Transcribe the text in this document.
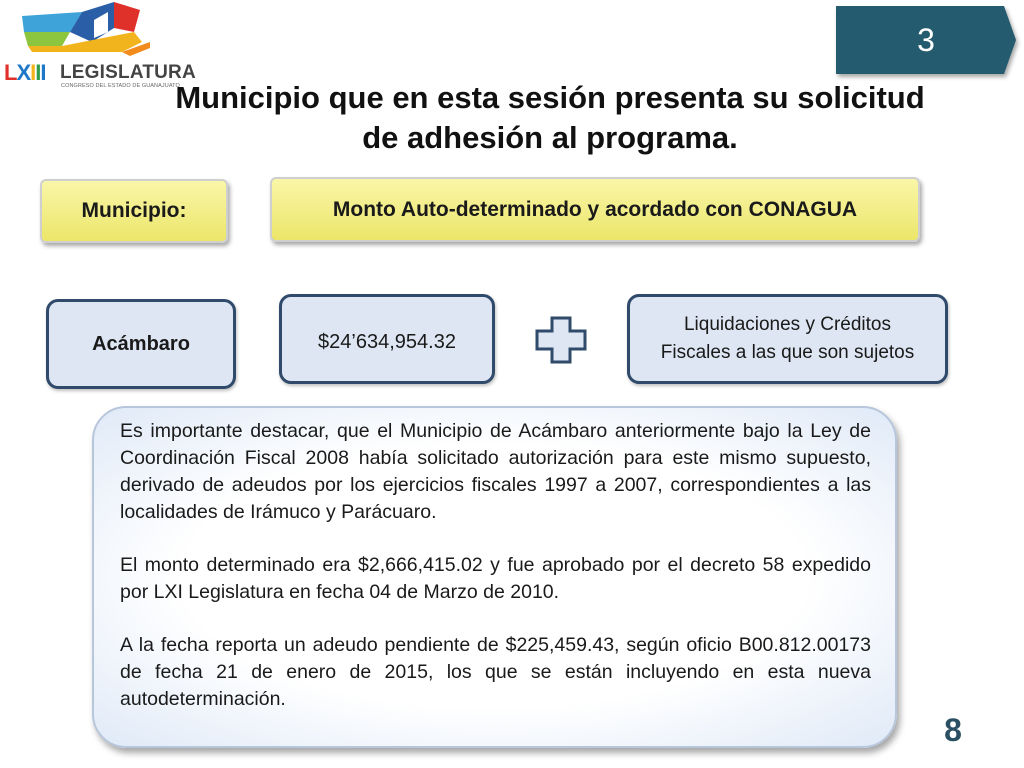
LXIII LEGISLATURA
CONGRESO DEL ESTADO DE GUANAJUATO
3
Municipio que en esta sesión presenta su solicitud
de adhesión al programa.
Municipio:	Monto Auto-determinado y acordado con CONAGUA
Acámbaro	$24’634,954.32
Liquidaciones y Créditos
Fiscales a las que son sujetos

Es importante destacar, que el Municipio de Acámbaro anteriormente bajo la Ley de Coordinación Fiscal 2008 había solicitado autorización para este mismo supuesto, derivado de adeudos por los ejercicios fiscales 1997 a 2007, correspondientes a las localidades de Irámuco y Parácuaro.

El monto determinado era $2,666,415.02 y fue aprobado por el decreto 58 expedido por LXI Legislatura en fecha 04 de Marzo de 2010.

A la fecha reporta un adeudo pendiente de $225,459.43, según oficio B00.812.00173 de fecha 21 de enero de 2015, los que se están incluyendo en esta nueva autodeterminación.

8
